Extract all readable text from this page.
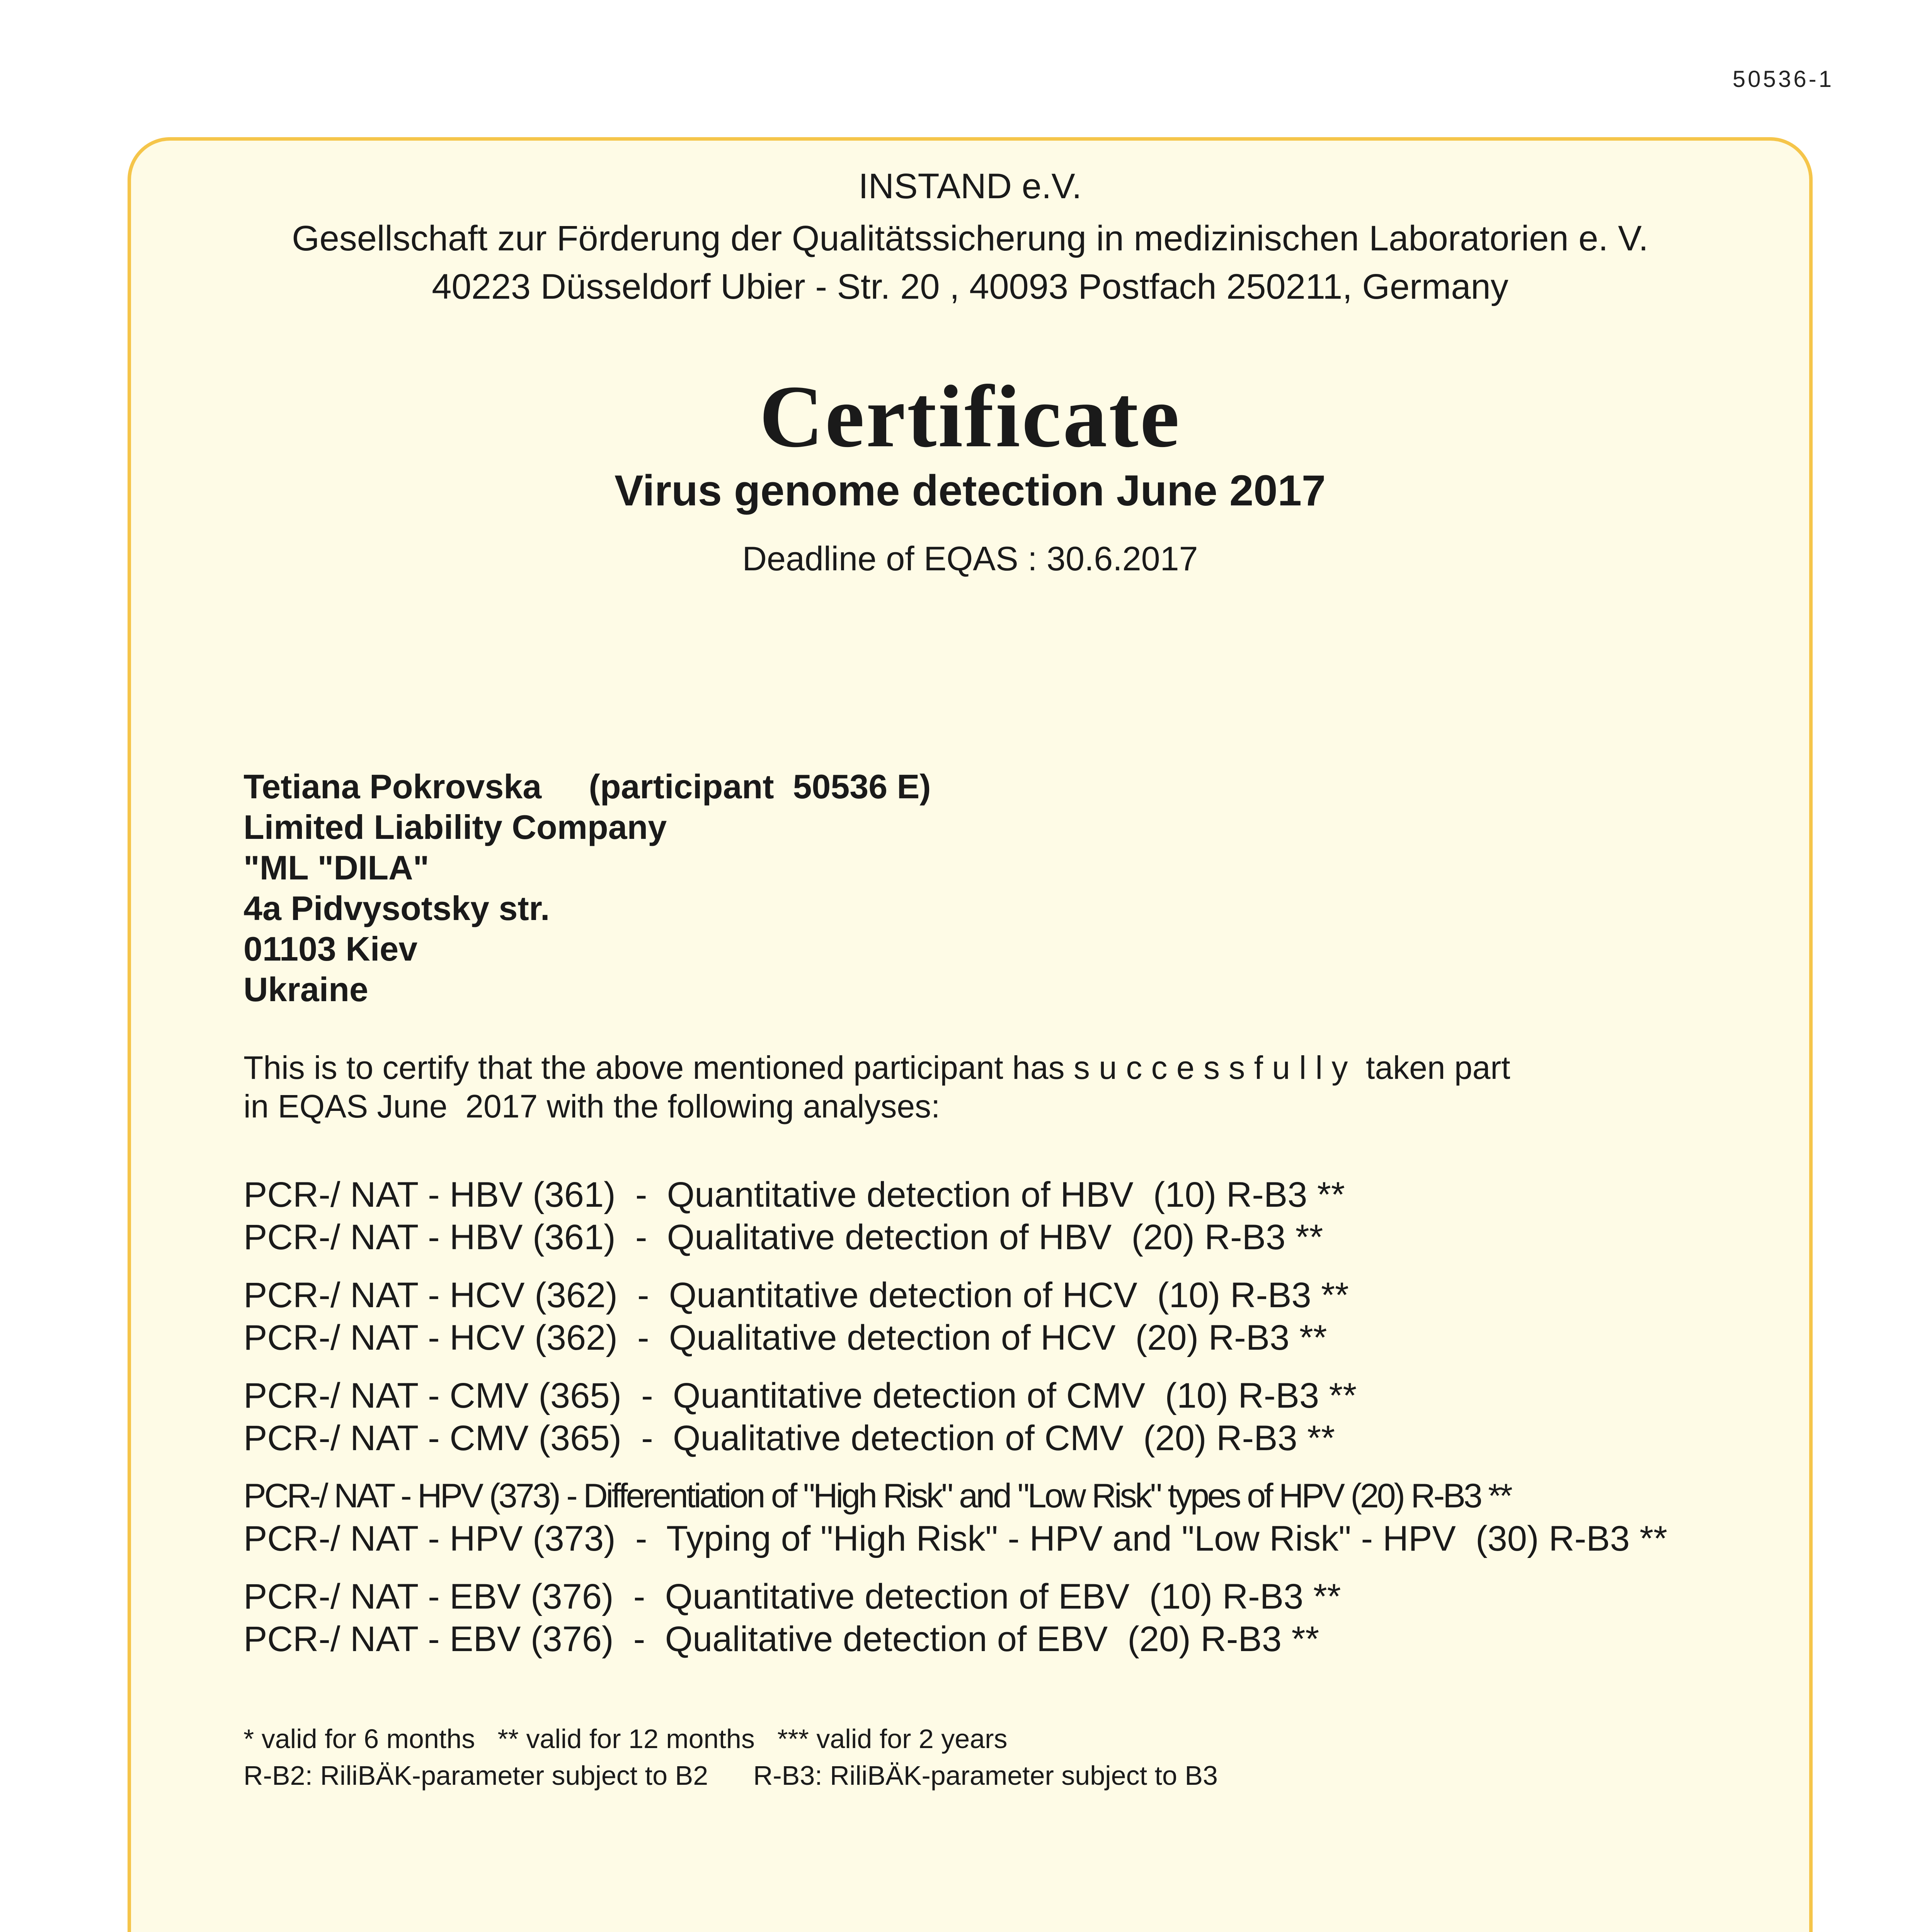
50536-1
INSTAND e.V.
Gesellschaft zur Förderung der Qualitätssicherung in medizinischen Laboratorien e. V.
40223 Düsseldorf Ubier - Str. 20 , 40093 Postfach 250211, Germany
Certificate
Virus genome detection June 2017
Deadline of EQAS : 30.6.2017
Tetiana Pokrovska     (participant  50536 E)
Limited Liability Company
"ML "DILA"
4a Pidvysotsky str.
01103 Kiev
Ukraine
This is to certify that the above mentioned participant has s u c c e s s f u l l y  taken part
in EQAS June  2017 with the following analyses:
PCR-/ NAT - HBV (361)  -  Quantitative detection of HBV  (10) R-B3 **
PCR-/ NAT - HBV (361)  -  Qualitative detection of HBV  (20) R-B3 **
PCR-/ NAT - HCV (362)  -  Quantitative detection of HCV  (10) R-B3 **
PCR-/ NAT - HCV (362)  -  Qualitative detection of HCV  (20) R-B3 **
PCR-/ NAT - CMV (365)  -  Quantitative detection of CMV  (10) R-B3 **
PCR-/ NAT - CMV (365)  -  Qualitative detection of CMV  (20) R-B3 **
PCR-/ NAT - HPV (373) - Differentiation of "High Risk" and "Low Risk" types of HPV (20) R-B3 **
PCR-/ NAT - HPV (373)  -  Typing of "High Risk" - HPV and "Low Risk" - HPV  (30) R-B3 **
PCR-/ NAT - EBV (376)  -  Quantitative detection of EBV  (10) R-B3 **
PCR-/ NAT - EBV (376)  -  Qualitative detection of EBV  (20) R-B3 **
* valid for 6 months   ** valid for 12 months   *** valid for 2 years
R-B2: RiliBÄK-parameter subject to B2      R-B3: RiliBÄK-parameter subject to B3
